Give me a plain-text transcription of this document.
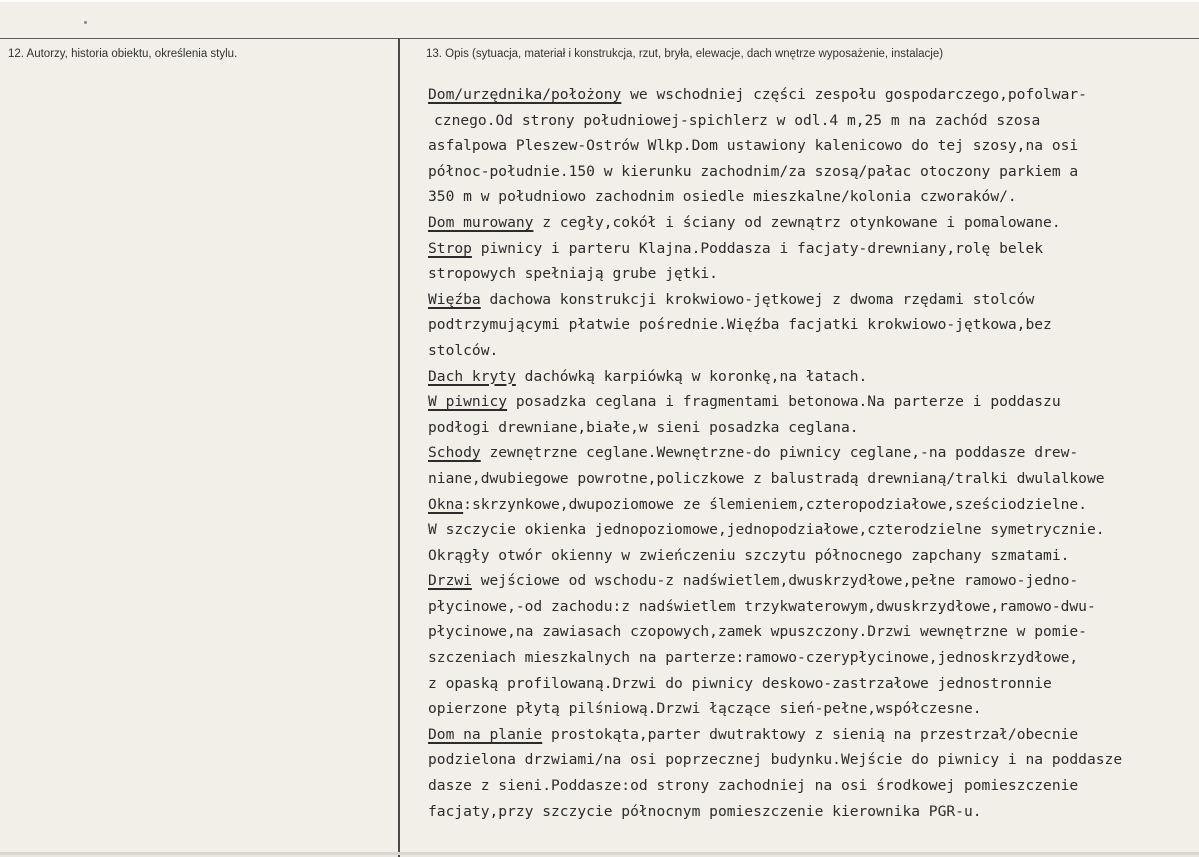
12. Autorzy, historia obiektu, określenia stylu.	13. Opis (sytuacja, materiał i konstrukcja, rzut, bryła, elewacje, dach wnętrze wyposażenie, instalacje)
Dom/urzędnika/położony we wschodniej części zespołu gospodarczego,pofolwar-
cznego.Od strony południowej-spichlerz w odl.4 m,25 m na zachód szosa
asfalpowa Pleszew-Ostrów Wlkp.Dom ustawiony kalenicowo do tej szosy,na osi
północ-południe.150 w kierunku zachodnim/za szosą/pałac otoczony parkiem a
350 m w południowo zachodnim osiedle mieszkalne/kolonia czworaków/.
Dom murowany z cegły,cokół i ściany od zewnątrz otynkowane i pomalowane.
Strop piwnicy i parteru Klajna.Poddasza i facjaty-drewniany,rolę belek
stropowych spełniają grube jętki.
Więźba dachowa konstrukcji krokwiowo-jętkowej z dwoma rzędami stolców
podtrzymującymi płatwie pośrednie.Więźba facjatki krokwiowo-jętkowa,bez
stolców.
Dach kryty dachówką karpiówką w koronkę,na łatach.
W piwnicy posadzka ceglana i fragmentami betonowa.Na parterze i poddaszu
podłogi drewniane,białe,w sieni posadzka ceglana.
Schody zewnętrzne ceglane.Wewnętrzne-do piwnicy ceglane,-na poddasze drew-
niane,dwubiegowe powrotne,policzkowe z balustradą drewnianą/tralki dwulalkowe
Okna:skrzynkowe,dwupoziomowe ze ślemieniem,czteropodziałowe,sześciodzielne.
W szczycie okienka jednopoziomowe,jednopodziałowe,czterodzielne symetrycznie.
Okrągły otwór okienny w zwieńczeniu szczytu północnego zapchany szmatami.
Drzwi wejściowe od wschodu-z nadświetlem,dwuskrzydłowe,pełne ramowo-jedno-
płycinowe,-od zachodu:z nadświetlem trzykwaterowym,dwuskrzydłowe,ramowo-dwu-
płycinowe,na zawiasach czopowych,zamek wpuszczony.Drzwi wewnętrzne w pomie-
szczeniach mieszkalnych na parterze:ramowo-czerypłycinowe,jednoskrzydłowe,
z opaską profilowaną.Drzwi do piwnicy deskowo-zastrzałowe jednostronnie
opierzone płytą pilśniową.Drzwi łączące sień-pełne,współczesne.
Dom na planie prostokąta,parter dwutraktowy z sienią na przestrzał/obecnie
podzielona drzwiami/na osi poprzecznej budynku.Wejście do piwnicy i na poddasze
dasze z sieni.Poddasze:od strony zachodniej na osi środkowej pomieszczenie
facjaty,przy szczycie północnym pomieszczenie kierownika PGR-u.
